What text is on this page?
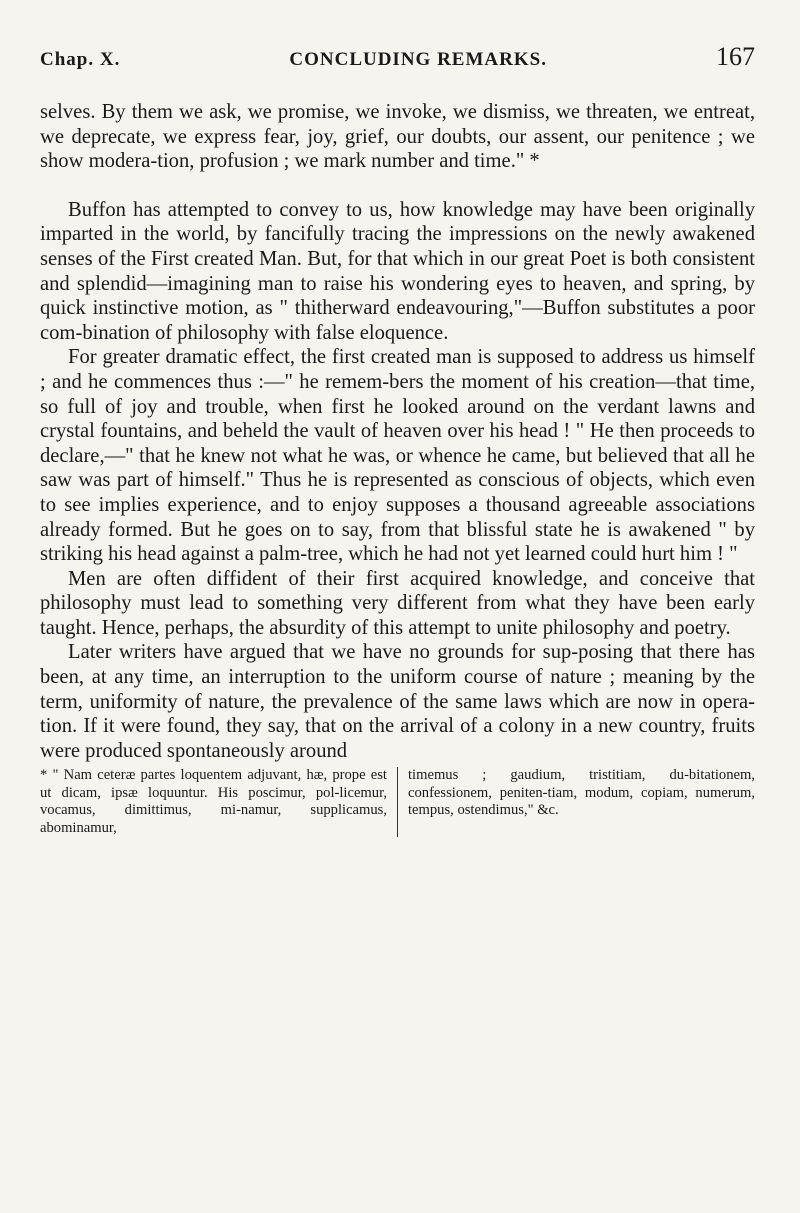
Chap. X.	CONCLUDING REMARKS.	167

selves. By them we ask, we promise, we invoke, we dismiss, we threaten, we entreat, we deprecate, we express fear, joy, grief, our doubts, our assent, our penitence ; we show modera-tion, profusion ; we mark number and time." *

Buffon has attempted to convey to us, how knowledge may have been originally imparted in the world, by fancifully tracing the impressions on the newly awakened senses of the First created Man. But, for that which in our great Poet is both consistent and splendid—imagining man to raise his wondering eyes to heaven, and spring, by quick instinctive motion, as " thitherward endeavouring,"—Buffon substitutes a poor com-bination of philosophy with false eloquence.

For greater dramatic effect, the first created man is supposed to address us himself ; and he commences thus :—" he remem-bers the moment of his creation—that time, so full of joy and trouble, when first he looked around on the verdant lawns and crystal fountains, and beheld the vault of heaven over his head ! " He then proceeds to declare,—" that he knew not what he was, or whence he came, but believed that all he saw was part of himself." Thus he is represented as conscious of objects, which even to see implies experience, and to enjoy supposes a thousand agreeable associations already formed. But he goes on to say, from that blissful state he is awakened " by striking his head against a palm-tree, which he had not yet learned could hurt him ! "

Men are often diffident of their first acquired knowledge, and conceive that philosophy must lead to something very different from what they have been early taught. Hence, perhaps, the absurdity of this attempt to unite philosophy and poetry.

Later writers have argued that we have no grounds for sup-posing that there has been, at any time, an interruption to the uniform course of nature ; meaning by the term, uniformity of nature, the prevalence of the same laws which are now in opera-tion. If it were found, they say, that on the arrival of a colony in a new country, fruits were produced spontaneously around

* " Nam ceteræ partes loquentem adjuvant, hæ, prope est ut dicam, ipsæ loquuntur. His poscimur, pol-licemur, vocamus, dimittimus, mi-namur, supplicamus, abominamur,
timemus ; gaudium, tristitiam, du-bitationem, confessionem, peniten-tiam, modum, copiam, numerum, tempus, ostendimus," &c.
